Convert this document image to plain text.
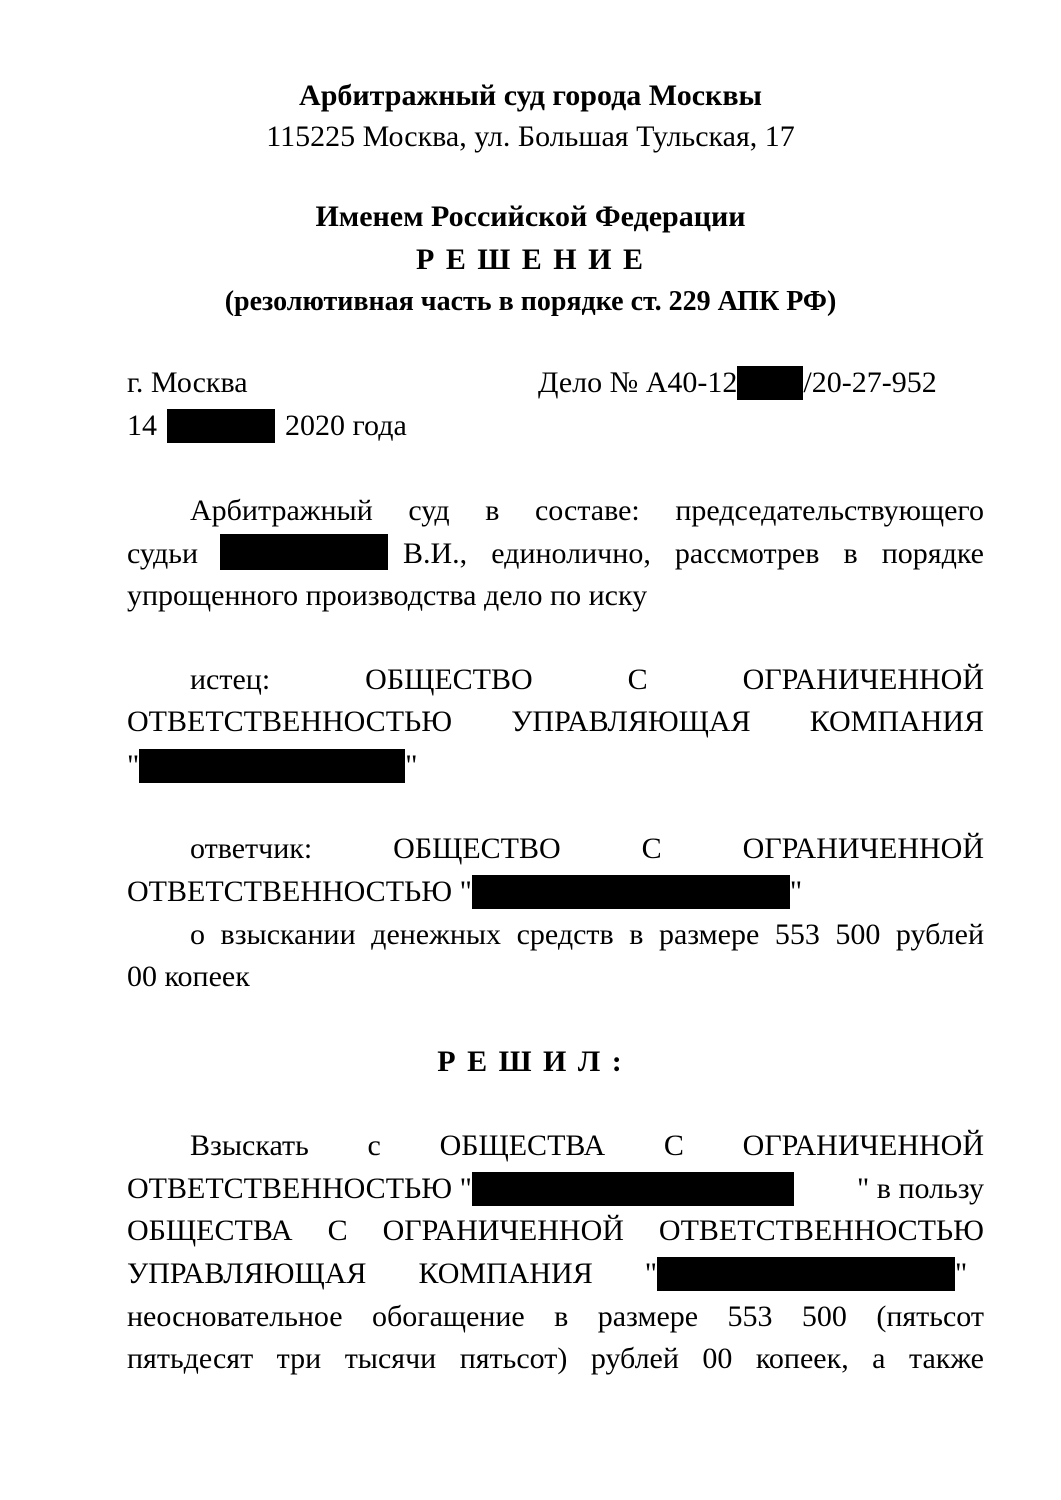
Арбитражный суд города Москвы
115225 Москва, ул. Большая Тульская, 17
Именем Российской Федерации
Р Е Ш Е Н И Е
(резолютивная часть в порядке ст. 229 АПК РФ)
г. Москва	Дело № А40-12 /20-27-952
14	2020 года
Арбитражный суд в составе: председательствующего
судьи	В.И., единолично, рассмотрев в порядке
упрощенного производства дело по иску
истец: ОБЩЕСТВО С ОГРАНИЧЕННОЙ
ОТВЕТСТВЕННОСТЬЮ УПРАВЛЯЮЩАЯ КОМПАНИЯ
"	"
ответчик: ОБЩЕСТВО С ОГРАНИЧЕННОЙ
ОТВЕТСТВЕННОСТЬЮ "	"
о взыскании денежных средств в размере 553 500 рублей
00 копеек
Р Е Ш И Л :
Взыскать с ОБЩЕСТВА С ОГРАНИЧЕННОЙ
ОТВЕТСТВЕННОСТЬЮ "	" в пользу
ОБЩЕСТВА С ОГРАНИЧЕННОЙ ОТВЕТСТВЕННОСТЬЮ
УПРАВЛЯЮЩАЯ КОМПАНИЯ "	"
неосновательное обогащение в размере 553 500 (пятьсот
пятьдесят три тысячи пятьсот) рублей 00 копеек, а также
